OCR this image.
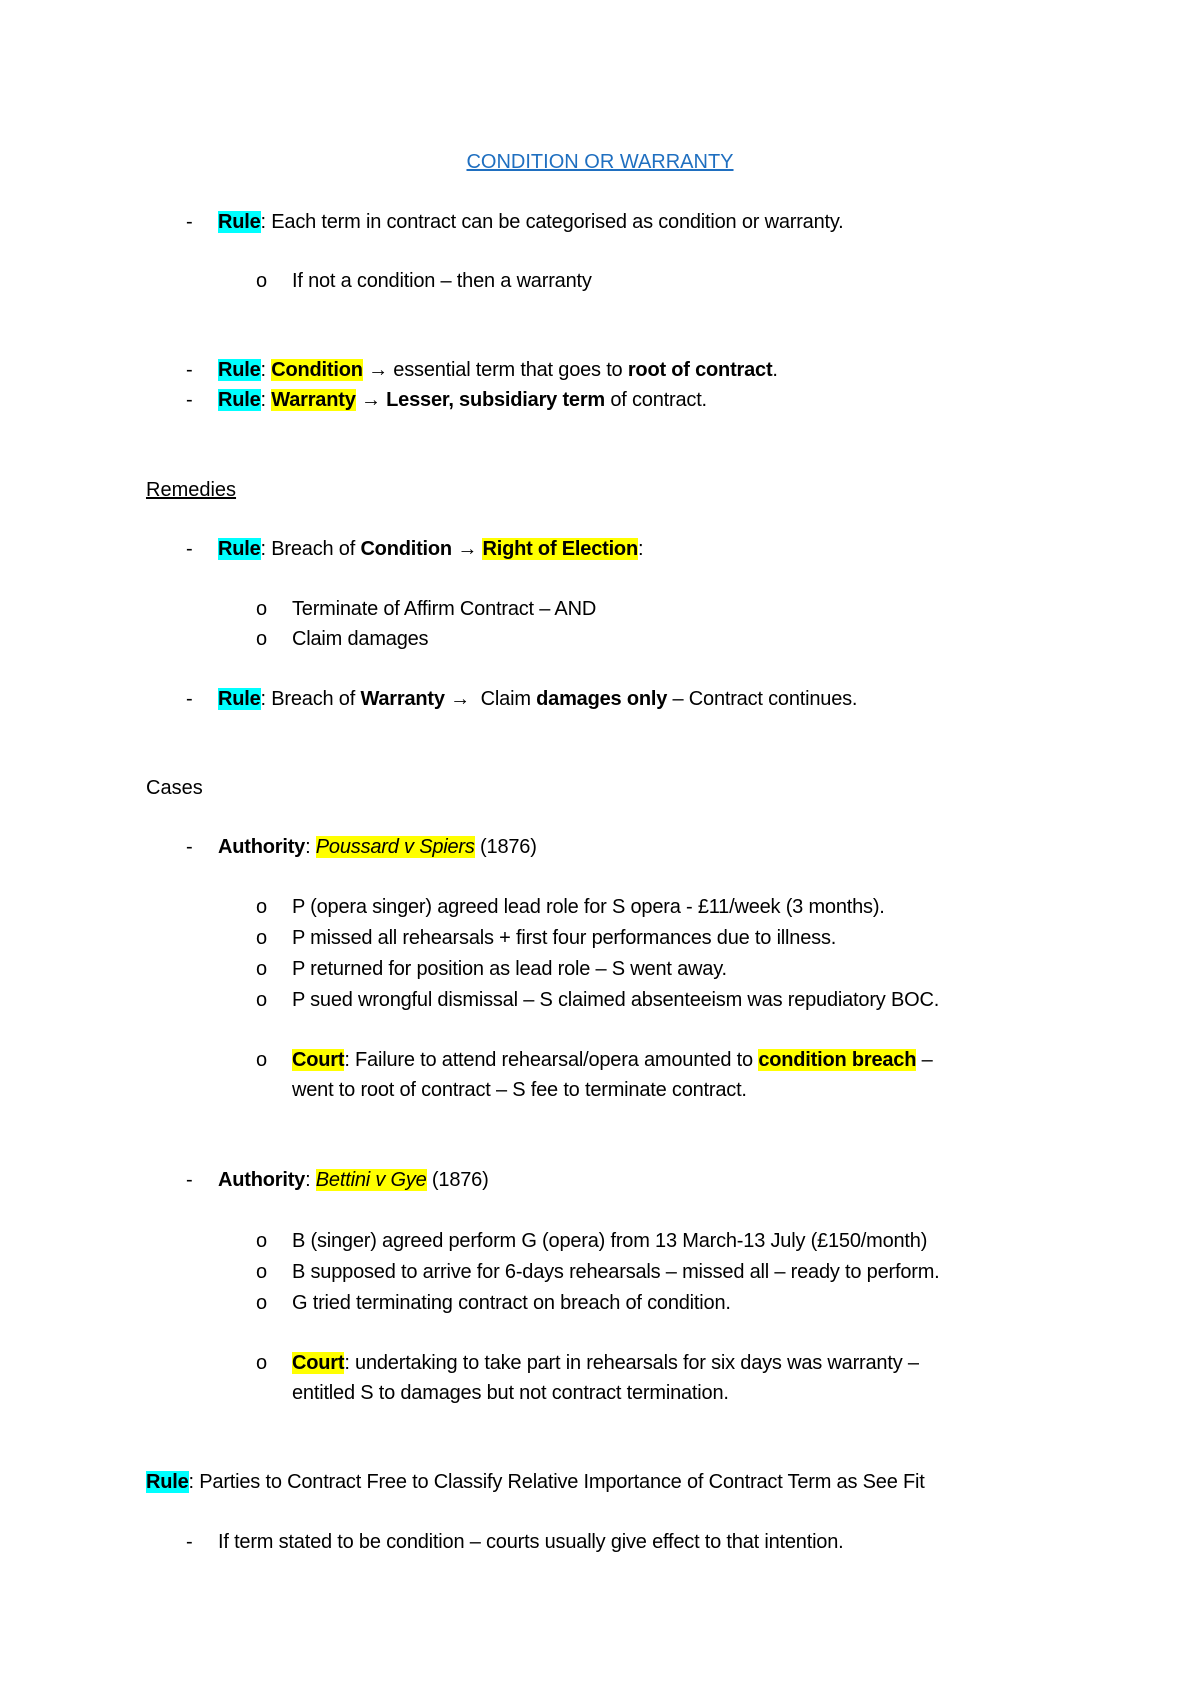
CONDITION OR WARRANTY
- Rule: Each term in contract can be categorised as condition or warranty.
o If not a condition – then a warranty
- Rule: Condition → essential term that goes to root of contract.
- Rule: Warranty → Lesser, subsidiary term of contract.
Remedies
- Rule: Breach of Condition → Right of Election:
o Terminate of Affirm Contract – AND
o Claim damages
- Rule: Breach of Warranty →  Claim damages only – Contract continues.
Cases
- Authority: Poussard v Spiers (1876)
o P (opera singer) agreed lead role for S opera - £11/week (3 months).
o P missed all rehearsals + first four performances due to illness.
o P returned for position as lead role – S went away.
o P sued wrongful dismissal – S claimed absenteeism was repudiatory BOC.
o Court: Failure to attend rehearsal/opera amounted to condition breach –
went to root of contract – S fee to terminate contract.
- Authority: Bettini v Gye (1876)
o B (singer) agreed perform G (opera) from 13 March-13 July (£150/month)
o B supposed to arrive for 6-days rehearsals – missed all – ready to perform.
o G tried terminating contract on breach of condition.
o Court: undertaking to take part in rehearsals for six days was warranty –
entitled S to damages but not contract termination.
Rule: Parties to Contract Free to Classify Relative Importance of Contract Term as See Fit
- If term stated to be condition – courts usually give effect to that intention.
